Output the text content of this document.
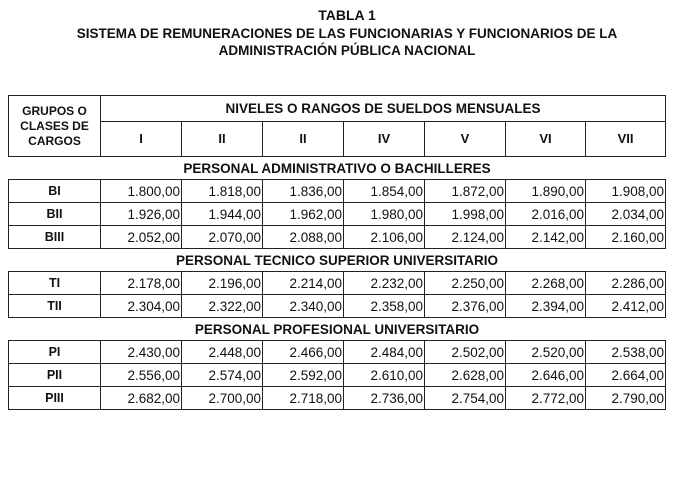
TABLA 1
SISTEMA DE REMUNERACIONES DE LAS FUNCIONARIAS Y FUNCIONARIOS DE LA
ADMINISTRACIÓN PÚBLICA NACIONAL
GRUPOS O
CLASES DE
CARGOS	NIVELES O RANGOS DE SUELDOS MENSUALES						
	I	II	II	IV	V	VI	VII
PERSONAL ADMINISTRATIVO O BACHILLERES							
BI	1.800,00	1.818,00	1.836,00	1.854,00	1.872,00	1.890,00	1.908,00
BII	1.926,00	1.944,00	1.962,00	1.980,00	1.998,00	2.016,00	2.034,00
BIII	2.052,00	2.070,00	2.088,00	2.106,00	2.124,00	2.142,00	2.160,00
PERSONAL TECNICO SUPERIOR UNIVERSITARIO							
TI	2.178,00	2.196,00	2.214,00	2.232,00	2.250,00	2.268,00	2.286,00
TII	2.304,00	2.322,00	2.340,00	2.358,00	2.376,00	2.394,00	2.412,00
PERSONAL PROFESIONAL UNIVERSITARIO							
PI	2.430,00	2.448,00	2.466,00	2.484,00	2.502,00	2.520,00	2.538,00
PII	2.556,00	2.574,00	2.592,00	2.610,00	2.628,00	2.646,00	2.664,00
PIII	2.682,00	2.700,00	2.718,00	2.736,00	2.754,00	2.772,00	2.790,00
